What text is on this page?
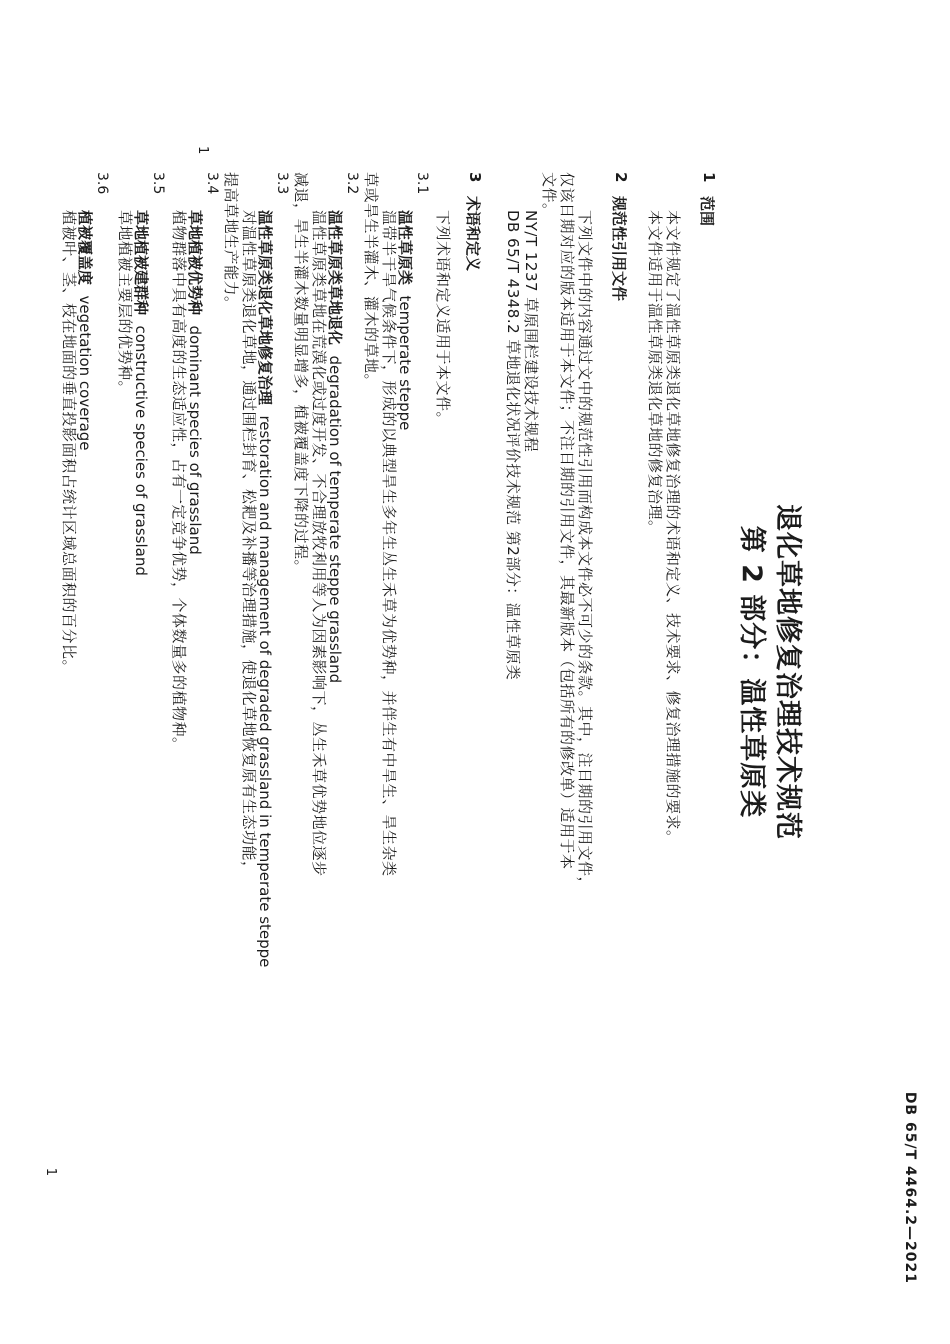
DB 65/T 4464.2—2021
退化草地修复治理技术规范
第 2 部分：温性草原类
1
范围
本文件规定了温性草原类退化草地修复治理的术语和定义、技术要求、修复治理措施的要求。
本文件适用于温性草原类退化草地的修复治理。
2
规范性引用文件
下列文件中的内容通过文中的规范性引用而构成本文件必不可少的条款。其中，注日期的引用文件，
仅该日期对应的版本适用于本文件；不注日期的引用文件，其最新版本（包括所有的修改单）适用于本
文件。
NY/T 1237 草原围栏建设技术规程
DB 65/T 4348.2 草地退化状况评价技术规范 第2部分：温性草原类
3
术语和定义
下列术语和定义适用于本文件。
3.1
温性草原类  temperate steppe
温带半干旱气候条件下，形成的以典型旱生多年生丛生禾草为优势种，并伴生有中旱生、旱生杂类
草或旱生半灌木、灌木的草地。
3.2
温性草原类草地退化  degradation of temperate steppe grassland
温性草原类草地在荒漠化或过度开发、不合理放牧利用等人为因素影响下，丛生禾草优势地位逐步
减退，旱生半灌木数量明显增多，植被覆盖度下降的过程。
3.3
温性草原类退化草地修复治理  restoration and management of degraded grassland in temperate steppe
对温性草原类退化草地，通过围栏封育、松耙及补播等治理措施，使退化草地恢复原有生态功能，
提高草地生产能力。
3.4
草地植被优势种  dominant species of grassland
植物群落中具有高度的生态适应性，占有一定竞争优势，个体数量多的植物种。
3.5
草地植被建群种  constructive species of grassland
草地植被主要层的优势种。
3.6
植被覆盖度  vegetation coverage
植被叶、茎、枝在地面的垂直投影面积占统计区域总面积的百分比。
1
1
